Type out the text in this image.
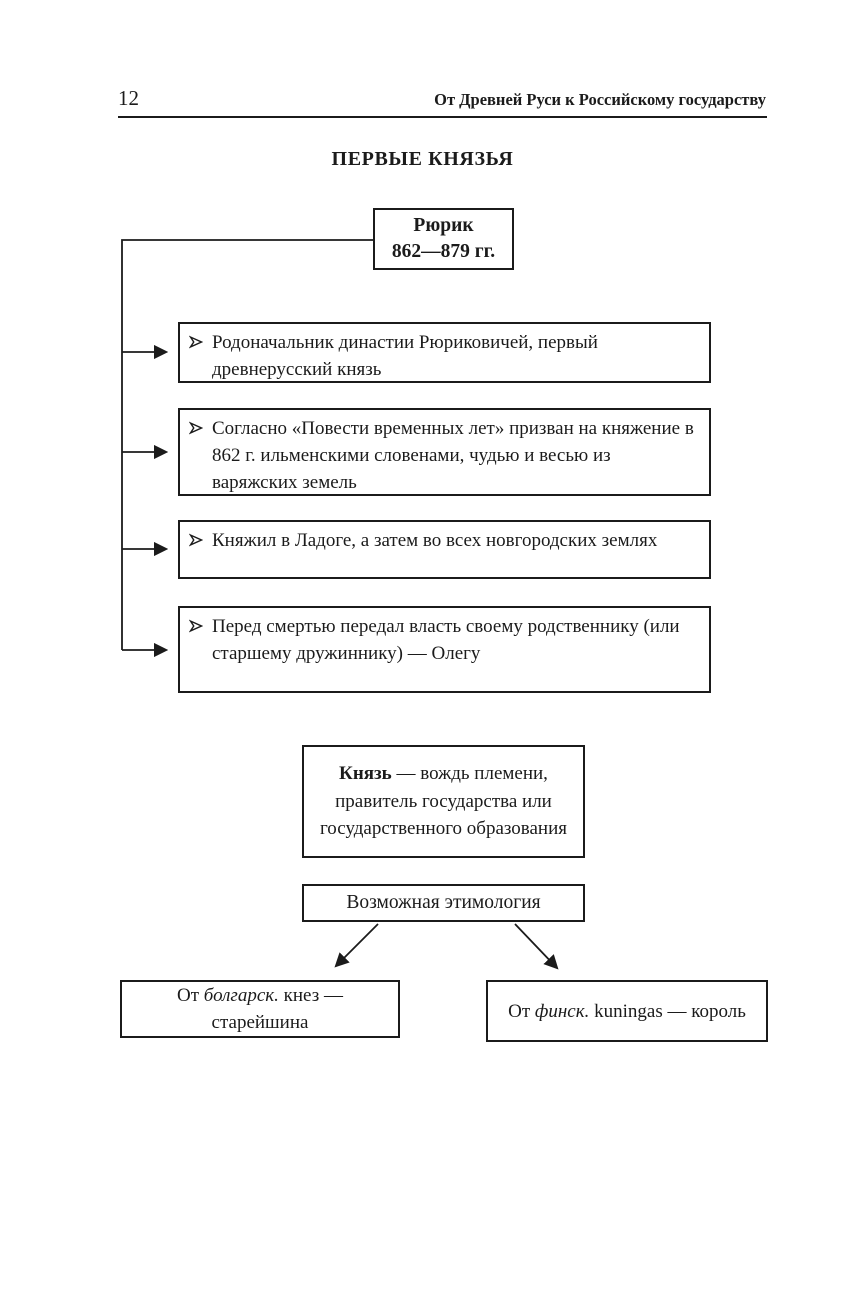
12	От Древней Руси к Российскому государству
ПЕРВЫЕ КНЯЗЬЯ
Рюрик
862—879 гг.
Родоначальник династии Рюриковичей, первый древнерусский князь
Согласно «Повести временных лет» призван на княжение в 862 г. ильменскими словенами, чудью и весью из варяжских земель
Княжил в Ладоге, а затем во всех новгородских землях
Перед смертью передал власть своему родственнику (или старшему дружиннику) — Олегу
Князь — вождь племени, правитель государства или государственного образования
Возможная этимология
От болгарск. кнез — старейшина
От финск. kuningas — король
